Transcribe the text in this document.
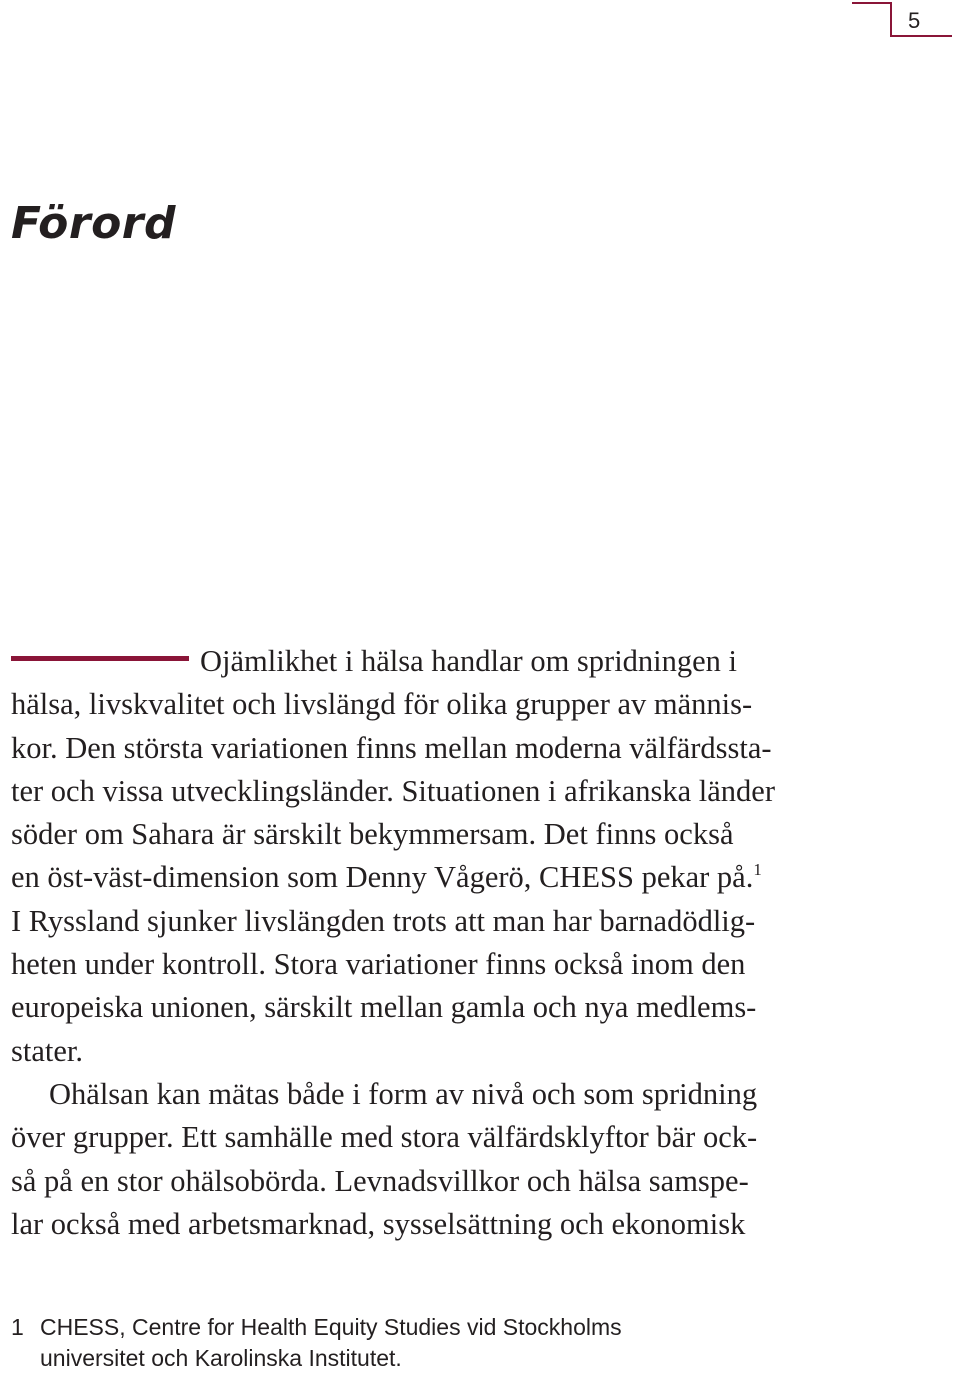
5
Förord
Ojämlikhet i hälsa handlar om spridningen i
hälsa, livskvalitet och livslängd för olika grupper av männis-
kor. Den största variationen finns mellan moderna välfärdssta-
ter och vissa utvecklingsländer. Situationen i afrikanska länder
söder om Sahara är särskilt bekymmersam. Det finns också
en öst-väst-dimension som Denny Vågerö, CHESS pekar på.$^1$
I Ryssland sjunker livslängden trots att man har barnadödlig-
heten under kontroll. Stora variationer finns också inom den
europeiska unionen, särskilt mellan gamla och nya medlems-
stater.
Ohälsan kan mätas både i form av nivå och som spridning
över grupper. Ett samhälle med stora välfärdsklyftor bär ock-
så på en stor ohälsobörda. Levnadsvillkor och hälsa samspe-
lar också med arbetsmarknad, sysselsättning och ekonomisk
1 CHESS, Centre for Health Equity Studies vid Stockholms
universitet och Karolinska Institutet.
